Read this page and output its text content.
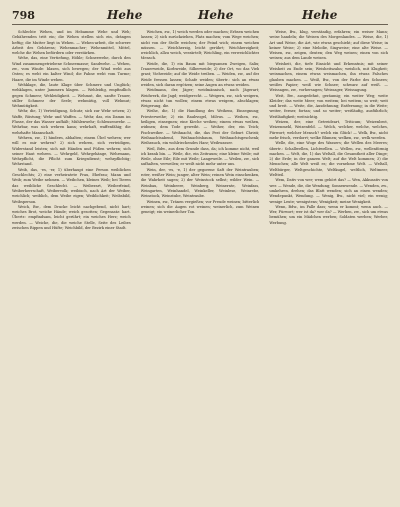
798	Hehe	Hehe	Hehe

Schlechte Wehen, und im Hebamme Wehe und Weh; Gebährenden tritt ein; die Wehen stellen sich ein, drängen heftig; die Mutter liegt in Wehen. — Wehen-arbeit, die schwere Arbeit des Gebärens; Wehenmacher; Wehenmittel, Mittel, welche die Wehen befördern oder verstärken.

Wehe, das, eine Vertiefung, Höhle; Schneewehe, durch den Wind zusammengetriebene Schneemasse; Sandwehe. — Wehen, zw., vom Winde: blasen, sich bewegen; der Wind weht aus Osten; es weht ein kalter Wind; die Fahne weht vom Turme; Haare, die im Winde wehen.

Wehklage, die, laute Klage über Schmerz und Unglück; wehklagen, unter Jammern klagen. — Wehleidig, empfindlich gegen Schmerz; Wehleidigkeit. — Wehmut, die, sanfte Trauer, stiller Schmerz der Seele; wehmütig, voll Wehmut; Wehmütigkeit.

Wehr, die, 1) Verteidigung, Schutz; sich zur Wehr setzen; 2) Waffe, Rüstung; Wehr und Waffen. — Wehr, das, ein Damm im Flusse, der das Wasser aufhält; Mühlenwehr; Schleusenwehr. — Wehrbar, was sich wehren kann; wehrhaft, waffenfähig; die wehrhafte Mannschaft.

Wehren, zw., 1) hindern, abhalten; einem Übel wehren; wer will es mir wehren? 2) sich wehren, sich verteidigen, Widerstand leisten; sich mit Händen und Füßen wehren; sich seiner Haut wehren. — Wehrgeld, Wehrgehänge, Wehrmann, Wehrpflicht, die Pflicht zum Kriegsdienst; wehrpflichtig; Wehrstand.

Weib, das, -es, -er, 1) überhaupt eine Person weiblichen Geschlechts; 2) eine verheiratete Frau, Ehefrau; Mann und Weib; zum Weibe nehmen. — Weibchen, kleines Weib; bei Tieren das weibliche Geschlecht. — Weiberart, Weiberfeind, Weiberherrschaft, Weibervolk; weibisch, nach Art der Weiber, weichlich; weiblich, dem Weibe eigen; Weiblichkeit; Weibsbild, Weibsperson.

Weich, Bw., dem Drucke leicht nachgebend, nicht hart; weiches Brot, weiche Hände; weich gesotten; Gegensatz: hart. Übertr.: empfindsam, leicht gerührt; ein weiches Herz; weich werden. — Weiche, die, die weiche Stelle, Seite des Leibes zwischen Rippen und Hüfte; Weichbild, der Bezirk einer Stadt.

Weichen, zw., 1) weich werden oder machen; Erbsen weichen lassen; 2) sich zurückziehen, Platz machen; vom Wege weichen; nicht von der Stelle weichen; der Feind wich; einem weichen müssen. — Weichherzig, leicht gerührt; Weichherzigkeit; weichlich, allzu weich, verzärtelt; Weichling, ein verweichlichter Mensch.

Weide, die, 1) ein Baum mit biegsamen Zweigen, Salix; Trauerweide, Korbweide, Silberweide; 2) der Ort, wo das Vieh grast; Viehweide; auf die Weide treiben. — Weiden, zw., auf der Weide fressen lassen; Schafe weiden; übertr.: sich an etwas weiden, sich daran ergötzen; seine Augen an etwas weiden.

Weidmann, der, Jäger; weidmännisch, nach Jägerart; Weidwerk, die Jagd; weidgerecht. — Weigern, zw., sich weigern, etwas nicht tun wollen; einem etwas weigern, abschlagen; Weigerung, die.

Weihe, die, 1) die Handlung des Weihens, Einsegnung; Priesterweihe; 2) ein Raubvogel, Milvus. — Weihen, zw., heiligen, einsegnen; eine Kirche weihen; einem etwas weihen, widmen; dem Tode geweiht. — Weiher, der, ein Teich; Fischweiher. — Weihnacht, die, das Fest der Geburt Christi; Weihnachtsabend, Weihnachtsbaum, Weihnachtsgeschenk; Weihrauch, ein wohlriechendes Harz; Weihwasser.

Weil, Bdw., aus dem Grunde dass, da; ich komme nicht, weil ich krank bin. — Weile, die, ein Zeitraum; eine kleine Weile; mit Weile, ohne Eile; Eile mit Weile; Langeweile. — Weilen, zw., sich aufhalten, verweilen; er weilt nicht mehr unter uns.

Wein, der, -es, -e, 1) der gegorene Saft der Weintrauben; roter, weißer Wein; junger, alter Wein; reinen Wein einschenken, die Wahrheit sagen; 2) der Weinstock selbst; wilder Wein. — Weinbau, Weinbeere, Weinberg, Weinernte, Weinfass, Weingarten, Weinhandel, Weinkeller, Weinlese, Weinrebe, Weinstock, Weinstube, Weintraube.

Weinen, zw., Tränen vergießen; vor Freude weinen; bitterlich weinen; sich die Augen rot weinen; weinerlich, zum Weinen geneigt; ein weinerlicher Ton.

Weise, Bw., klug, verständig, erfahren; ein weiser Mann; weise handeln; die Weisen des Morgenlandes. — Weise, die, 1) Art und Weise, die Art, wie etwas geschieht; auf diese Weise; in keiner Weise; 2) eine Melodie, Singweise; eine alte Weise. — Weisen, zw., zeigen, deuten; den Weg weisen; einen von sich weisen; aus dem Lande weisen.

Weisheit, die, tiefe Einsicht und Erkenntnis; mit seiner Weisheit zu Ende sein; Weisheitszahn; weislich, mit Klugheit; weismachen, einem etwas weismachen, ihn etwas Falsches glauben machen. — Weiß, Bw., von der Farbe des Schnees; weißes Papier; weiß wie Schnee; schwarz auf weiß. — Weissagen, zw., vorhersagen; Weissager, Weissagung.

Weit, Bw., ausgedehnt, geräumig; ein weiter Weg; weite Kleider; das weite Meer; von weitem; bei weitem; so weit; weit und breit. — Weite, die, Ausdehnung; Entfernung; in die Weite; weiter, ferner, fortan; und so weiter; weitläufig, ausführlich; Weitläufigkeit; weitsichtig.

Weizen, der, eine Getreideart, Triticum; Weizenbrot, Weizenmehl, Weizenfeld. — Welch, welcher, welche, welches, Fürwort; welcher Mensch? welch ein Glück! — Welk, Bw., nicht mehr frisch, verdorrt; welke Blumen; welken, zw., welk werden.

Welle, die, eine Woge des Wassers; die Wellen des Meeres; übertr.: Schallwellen, Lichtwellen. — Wellen, zw., wellenförmig machen. — Welt, die, 1) das Weltall, die Gesamtheit aller Dinge; 2) die Erde; in der ganzen Welt; auf die Welt kommen; 3) die Menschen; alle Welt weiß es; die vornehme Welt. — Weltall, Weltbürger, Weltgeschichte, Weltkugel, weltlich, Weltmeer, Weltteil.

Wem, Dativ von wer; wem gehört das? — Wen, Akkusativ von wer. — Wende, die, die Wendung; Sonnenwende. — Wenden, zw., umkehren, drehen; das Blatt wenden; sich an einen wenden; Wendepunkt, Wendung. — Wenig, Bw., nicht viel; ein wenig; wenige Leute; wenigstens; Wenigkeit; meine Wenigkeit.

Wenn, Bdw., im Falle dass; wenn er kommt; wenn auch. — Wer, Fürwort; wer ist da? wer da? — Werben, zw., sich um etwas bemühen; um ein Mädchen werben; Soldaten werben; Werber, Werbung.
